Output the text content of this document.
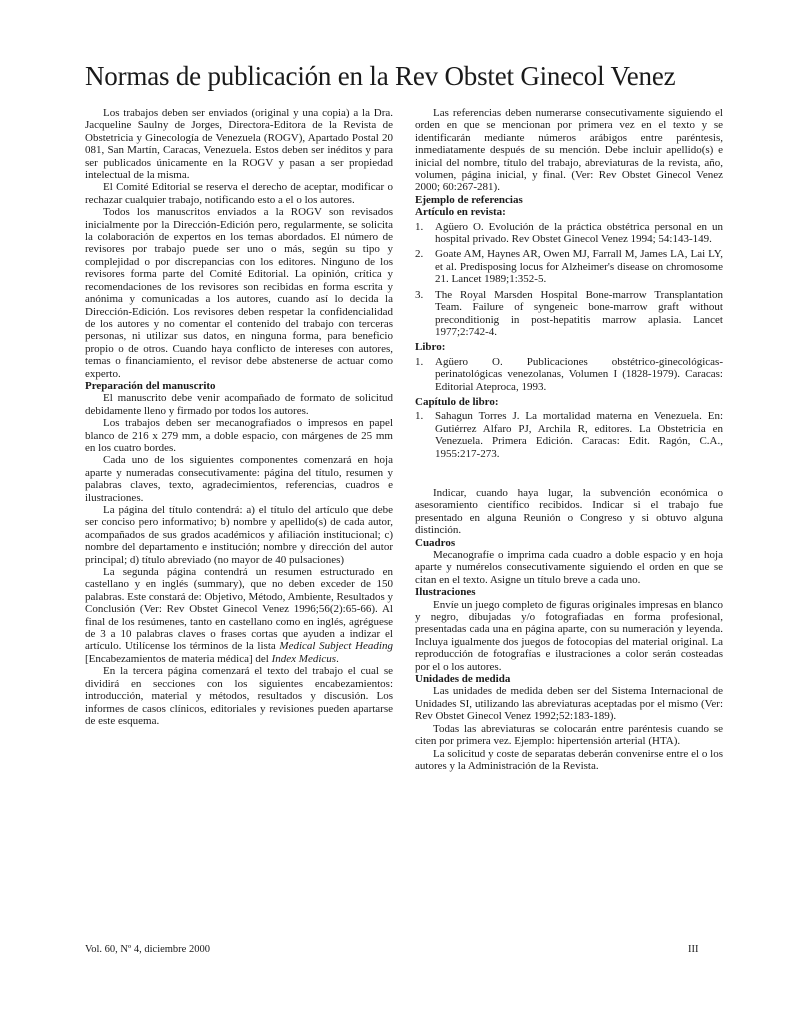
Normas de publicación en la Rev Obstet Ginecol Venez

Los trabajos deben ser enviados (original y una copia) a la Dra. Jacqueline Saulny de Jorges, Directora-Editora de la Revista de Obstetricia y Ginecología de Venezuela (ROGV), Apartado Postal 20 081, San Martín, Caracas, Venezuela. Estos deben ser inéditos y para ser publicados únicamente en la ROGV y pasan a ser propiedad intelectual de la misma.

El Comité Editorial se reserva el derecho de aceptar, modificar o rechazar cualquier trabajo, notificando esto a el o los autores.

Todos los manuscritos enviados a la ROGV son revisados inicialmente por la Dirección-Edición pero, regularmente, se solicita la colaboración de expertos en los temas abordados. El número de revisores por trabajo puede ser uno o más, según su tipo y complejidad o por discrepancias con los editores. Ninguno de los revisores forma parte del Comité Editorial. La opinión, crítica y recomendaciones de los revisores son recibidas en forma escrita y anónima y comunicadas a los autores, cuando así lo decida la Dirección-Edición. Los revisores deben respetar la confidencialidad de los autores y no comentar el contenido del trabajo con terceras personas, ni utilizar sus datos, en ninguna forma, para beneficio propio o de otros. Cuando haya conflicto de intereses con autores, temas o financiamiento, el revisor debe abstenerse de actuar como experto.

Preparación del manuscrito

El manuscrito debe venir acompañado de formato de solicitud debidamente lleno y firmado por todos los autores.

Los trabajos deben ser mecanografiados o impresos en papel blanco de 216 x 279 mm, a doble espacio, con márgenes de 25 mm en los cuatro bordes.

Cada uno de los siguientes componentes comenzará en hoja aparte y numeradas consecutivamente: página del título, resumen y palabras claves, texto, agradecimientos, referencias, cuadros e ilustraciones.

La página del título contendrá: a) el título del artículo que debe ser conciso pero informativo; b) nombre y apellido(s) de cada autor, acompañados de sus grados académicos y afiliación institucional; c) nombre del departamento e institución; nombre y dirección del autor principal; d) título abreviado (no mayor de 40 pulsaciones)

La segunda página contendrá un resumen estructurado en castellano y en inglés (summary), que no deben exceder de 150 palabras. Este constará de: Objetivo, Método, Ambiente, Resultados y Conclusión (Ver: Rev Obstet Ginecol Venez 1996;56(2):65-66). Al final de los resúmenes, tanto en castellano como en inglés, agréguese de 3 a 10 palabras claves o frases cortas que ayuden a indizar el artículo. Utilícense los términos de la lista Medical Subject Heading [Encabezamientos de materia médica] del Index Medicus.

En la tercera página comenzará el texto del trabajo el cual se dividirá en secciones con los siguientes encabezamientos: introducción, material y métodos, resultados y discusión. Los informes de casos clínicos, editoriales y revisiones pueden apartarse de este esquema.

Las referencias deben numerarse consecutivamente siguiendo el orden en que se mencionan por primera vez en el texto y se identificarán mediante números arábigos entre paréntesis, inmediatamente después de su mención. Debe incluir apellido(s) e inicial del nombre, título del trabajo, abreviaturas de la revista, año, volumen, página inicial, y final. (Ver: Rev Obstet Ginecol Venez 2000; 60:267-281).

Ejemplo de referencias

Artículo en revista:

1. Agüero O. Evolución de la práctica obstétrica personal en un hospital privado. Rev Obstet Ginecol Venez 1994; 54:143-149.
2. Goate AM, Haynes AR, Owen MJ, Farrall M, James LA, Lai LY, et al. Predisposing locus for Alzheimer's disease on chromosome 21. Lancet 1989;1:352-5.
3. The Royal Marsden Hospital Bone-marrow Transplantation Team. Failure of syngeneic bone-marrow graft without preconditionig in post-hepatitis marrow aplasia. Lancet 1977;2:742-4.

Libro:

1. Agüero O. Publicaciones obstétrico-ginecológicas-perinatológicas venezolanas, Volumen I (1828-1979). Caracas: Editorial Ateproca, 1993.

Capítulo de libro:

1. Sahagun Torres J. La mortalidad materna en Venezuela. En: Gutiérrez Alfaro PJ, Archila R, editores. La Obstetricia en Venezuela. Primera Edición. Caracas: Edit. Ragón, C.A., 1955:217-273.

Indicar, cuando haya lugar, la subvención económica o asesoramiento científico recibidos. Indicar si el trabajo fue presentado en alguna Reunión o Congreso y si obtuvo alguna distinción.

Cuadros

Mecanografíe o imprima cada cuadro a doble espacio y en hoja aparte y numérelos consecutivamente siguiendo el orden en que se citan en el texto. Asigne un título breve a cada uno.

Ilustraciones

Envíe un juego completo de figuras originales impresas en blanco y negro, dibujadas y/o fotografiadas en forma profesional, presentadas cada una en página aparte, con su numeración y leyenda. Incluya igualmente dos juegos de fotocopias del material original. La reproducción de fotografías e ilustraciones a color serán costeadas por el o los autores.

Unidades de medida

Las unidades de medida deben ser del Sistema Internacional de Unidades SI, utilizando las abreviaturas aceptadas por el mismo (Ver: Rev Obstet Ginecol Venez 1992;52:183-189).

Todas las abreviaturas se colocarán entre paréntesis cuando se citen por primera vez. Ejemplo: hipertensión arterial (HTA).

La solicitud y coste de separatas deberán convenirse entre el o los autores y la Administración de la Revista.

Vol. 60, Nº 4, diciembre 2000	III
